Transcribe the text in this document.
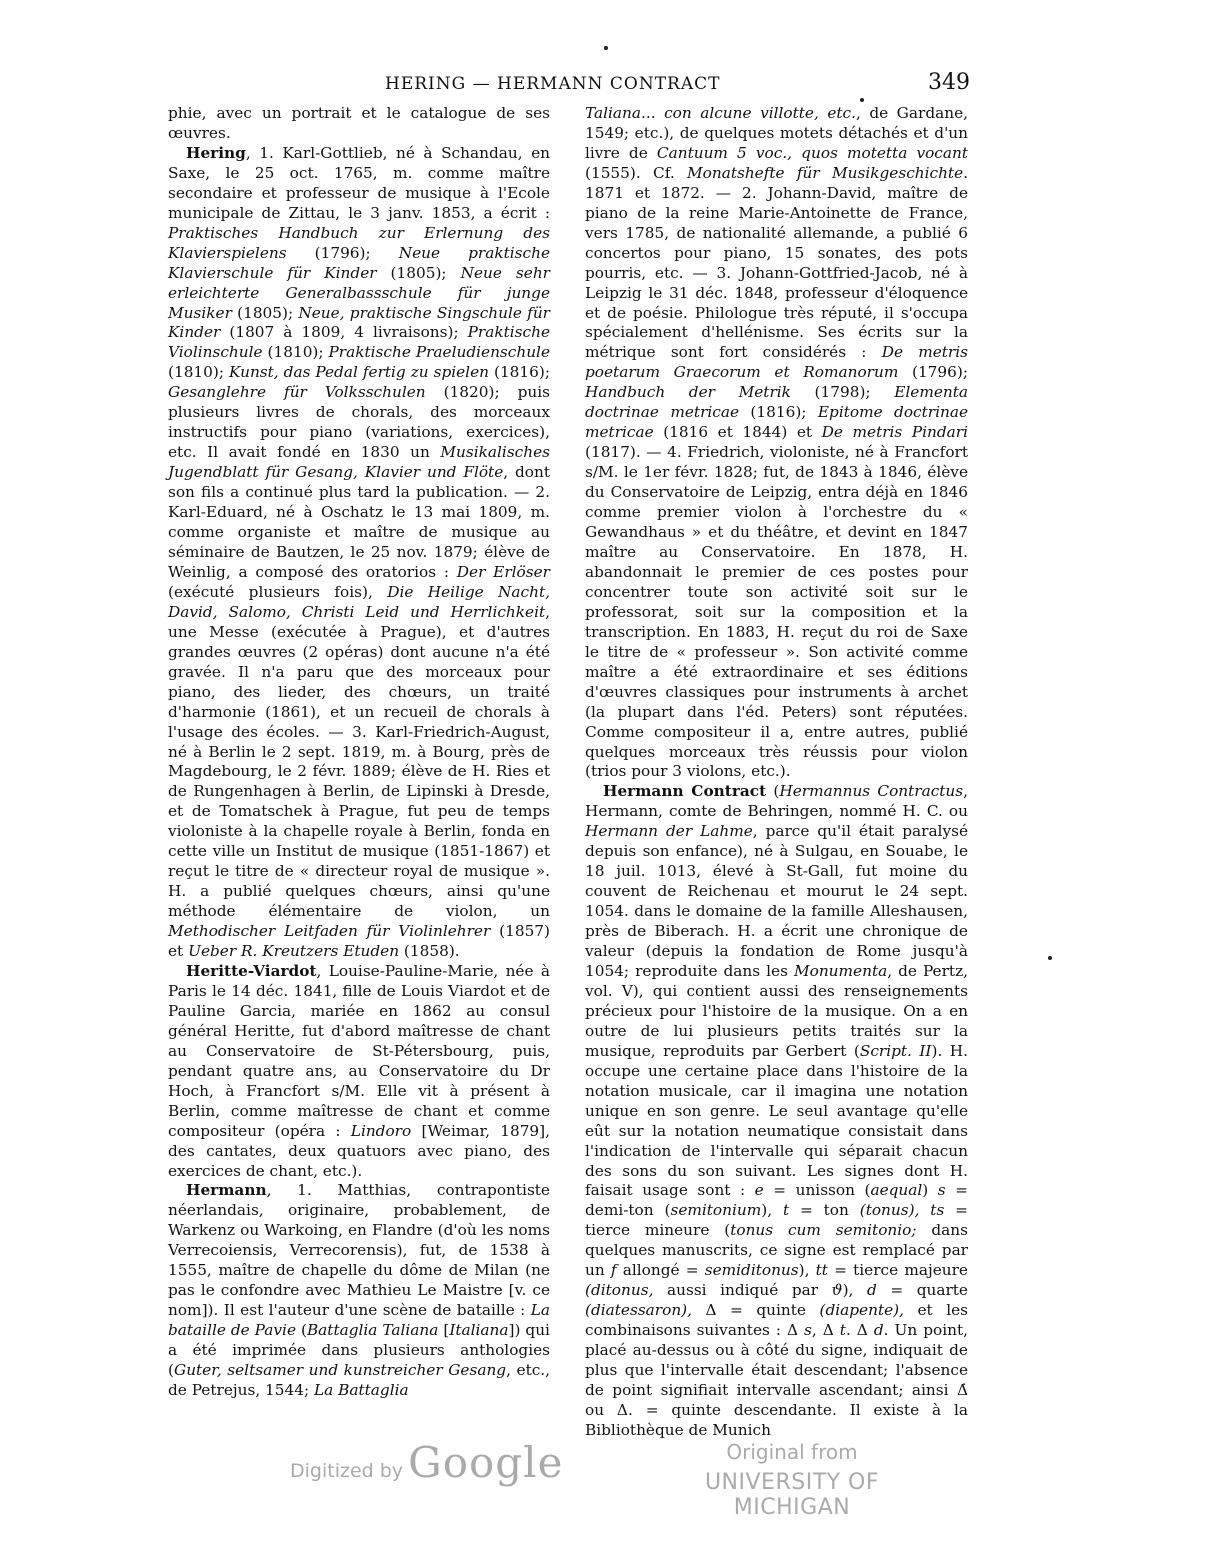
HERING — HERMANN CONTRACT	349

phie, avec un portrait et le catalogue de ses œuvres.

Hering, 1. Karl-Gottlieb, né à Schandau, en Saxe, le 25 oct. 1765, m. comme maître secondaire et professeur de musique à l'Ecole municipale de Zittau, le 3 janv. 1853, a écrit : Praktisches Handbuch zur Erlernung des Klavierspielens (1796); Neue praktische Klavierschule für Kinder (1805); Neue sehr erleichterte Generalbassschule für junge Musiker (1805); Neue, praktische Singschule für Kinder (1807 à 1809, 4 livraisons); Praktische Violinschule (1810); Praktische Praeludienschule (1810); Kunst, das Pedal fertig zu spielen (1816); Gesanglehre für Volksschulen (1820); puis plusieurs livres de chorals, des morceaux instructifs pour piano (variations, exercices), etc. Il avait fondé en 1830 un Musikalisches Jugendblatt für Gesang, Klavier und Flöte, dont son fils a continué plus tard la publication. — 2. Karl-Eduard, né à Oschatz le 13 mai 1809, m. comme organiste et maître de musique au séminaire de Bautzen, le 25 nov. 1879; élève de Weinlig, a composé des oratorios : Der Erlöser (exécuté plusieurs fois), Die Heilige Nacht, David, Salomo, Christi Leid und Herrlichkeit, une Messe (exécutée à Prague), et d'autres grandes œuvres (2 opéras) dont aucune n'a été gravée. Il n'a paru que des morceaux pour piano, des lieder, des chœurs, un traité d'harmonie (1861), et un recueil de chorals à l'usage des écoles. — 3. Karl-Friedrich-August, né à Berlin le 2 sept. 1819, m. à Bourg, près de Magdebourg, le 2 févr. 1889; élève de H. Ries et de Rungenhagen à Berlin, de Lipinski à Dresde, et de Tomatschek à Prague, fut peu de temps violoniste à la chapelle royale à Berlin, fonda en cette ville un Institut de musique (1851-1867) et reçut le titre de « directeur royal de musique ». H. a publié quelques chœurs, ainsi qu'une méthode élémentaire de violon, un Methodischer Leitfaden für Violinlehrer (1857) et Ueber R. Kreutzers Etuden (1858).

Heritte-Viardot, Louise-Pauline-Marie, née à Paris le 14 déc. 1841, fille de Louis Viardot et de Pauline Garcia, mariée en 1862 au consul général Heritte, fut d'abord maîtresse de chant au Conservatoire de St-Pétersbourg, puis, pendant quatre ans, au Conservatoire du Dr Hoch, à Francfort s/M. Elle vit à présent à Berlin, comme maîtresse de chant et comme compositeur (opéra : Lindoro [Weimar, 1879], des cantates, deux quatuors avec piano, des exercices de chant, etc.).

Hermann, 1. Matthias, contrapontiste néerlandais, originaire, probablement, de Warkenz ou Warkoing, en Flandre (d'où les noms Verrecoiensis, Verrecorensis), fut, de 1538 à 1555, maître de chapelle du dôme de Milan (ne pas le confondre avec Mathieu Le Maistre [v. ce nom]). Il est l'auteur d'une scène de bataille : La bataille de Pavie (Battaglia Taliana [Italiana]) qui a été imprimée dans plusieurs anthologies (Guter, seltsamer und kunstreicher Gesang, etc., de Petrejus, 1544; La Battaglia

Taliana... con alcune villotte, etc., de Gardane, 1549; etc.), de quelques motets détachés et d'un livre de Cantuum 5 voc., quos motetta vocant (1555). Cf. Monatshefte für Musikgeschichte. 1871 et 1872. — 2. Johann-David, maître de piano de la reine Marie-Antoinette de France, vers 1785, de nationalité allemande, a publié 6 concertos pour piano, 15 sonates, des pots pourris, etc. — 3. Johann-Gottfried-Jacob, né à Leipzig le 31 déc. 1848, professeur d'éloquence et de poésie. Philologue très réputé, il s'occupa spécialement d'hellénisme. Ses écrits sur la métrique sont fort considérés : De metris poetarum Graecorum et Romanorum (1796); Handbuch der Metrik (1798); Elementa doctrinae metricae (1816); Epitome doctrinae metricae (1816 et 1844) et De metris Pindari (1817). — 4. Friedrich, violoniste, né à Francfort s/M. le 1er févr. 1828; fut, de 1843 à 1846, élève du Conservatoire de Leipzig, entra déjà en 1846 comme premier violon à l'orchestre du « Gewandhaus » et du théâtre, et devint en 1847 maître au Conservatoire. En 1878, H. abandonnait le premier de ces postes pour concentrer toute son activité soit sur le professorat, soit sur la composition et la transcription. En 1883, H. reçut du roi de Saxe le titre de « professeur ». Son activité comme maître a été extraordinaire et ses éditions d'œuvres classiques pour instruments à archet (la plupart dans l'éd. Peters) sont réputées. Comme compositeur il a, entre autres, publié quelques morceaux très réussis pour violon (trios pour 3 violons, etc.).

Hermann Contract (Hermannus Contractus, Hermann, comte de Behringen, nommé H. C. ou Hermann der Lahme, parce qu'il était paralysé depuis son enfance), né à Sulgau, en Souabe, le 18 juil. 1013, élevé à St-Gall, fut moine du couvent de Reichenau et mourut le 24 sept. 1054. dans le domaine de la famille Alleshausen, près de Biberach. H. a écrit une chronique de valeur (depuis la fondation de Rome jusqu'à 1054; reproduite dans les Monumenta, de Pertz, vol. V), qui contient aussi des renseignements précieux pour l'histoire de la musique. On a en outre de lui plusieurs petits traités sur la musique, reproduits par Gerbert (Script. II). H. occupe une certaine place dans l'histoire de la notation musicale, car il imagina une notation unique en son genre. Le seul avantage qu'elle eût sur la notation neumatique consistait dans l'indication de l'intervalle qui séparait chacun des sons du son suivant. Les signes dont H. faisait usage sont : e = unisson (aequal) s = demi-ton (semitonium), t = ton (tonus), ts = tierce mineure (tonus cum semitonio; dans quelques manuscrits, ce signe est remplacé par un f allongé = semiditonus), tt = tierce majeure (ditonus, aussi indiqué par ϑ), d = quarte (diatessaron), Δ = quinte (diapente), et les combinaisons suivantes : Δ s, Δ t. Δ d. Un point, placé au-dessus ou à côté du signe, indiquait de plus que l'intervalle était descendant; l'absence de point signifiait intervalle ascendant; ainsi Δ̇ ou Δ. = quinte descendante. Il existe à la Bibliothèque de Munich

Digitized by Google	Original from
UNIVERSITY OF MICHIGAN
